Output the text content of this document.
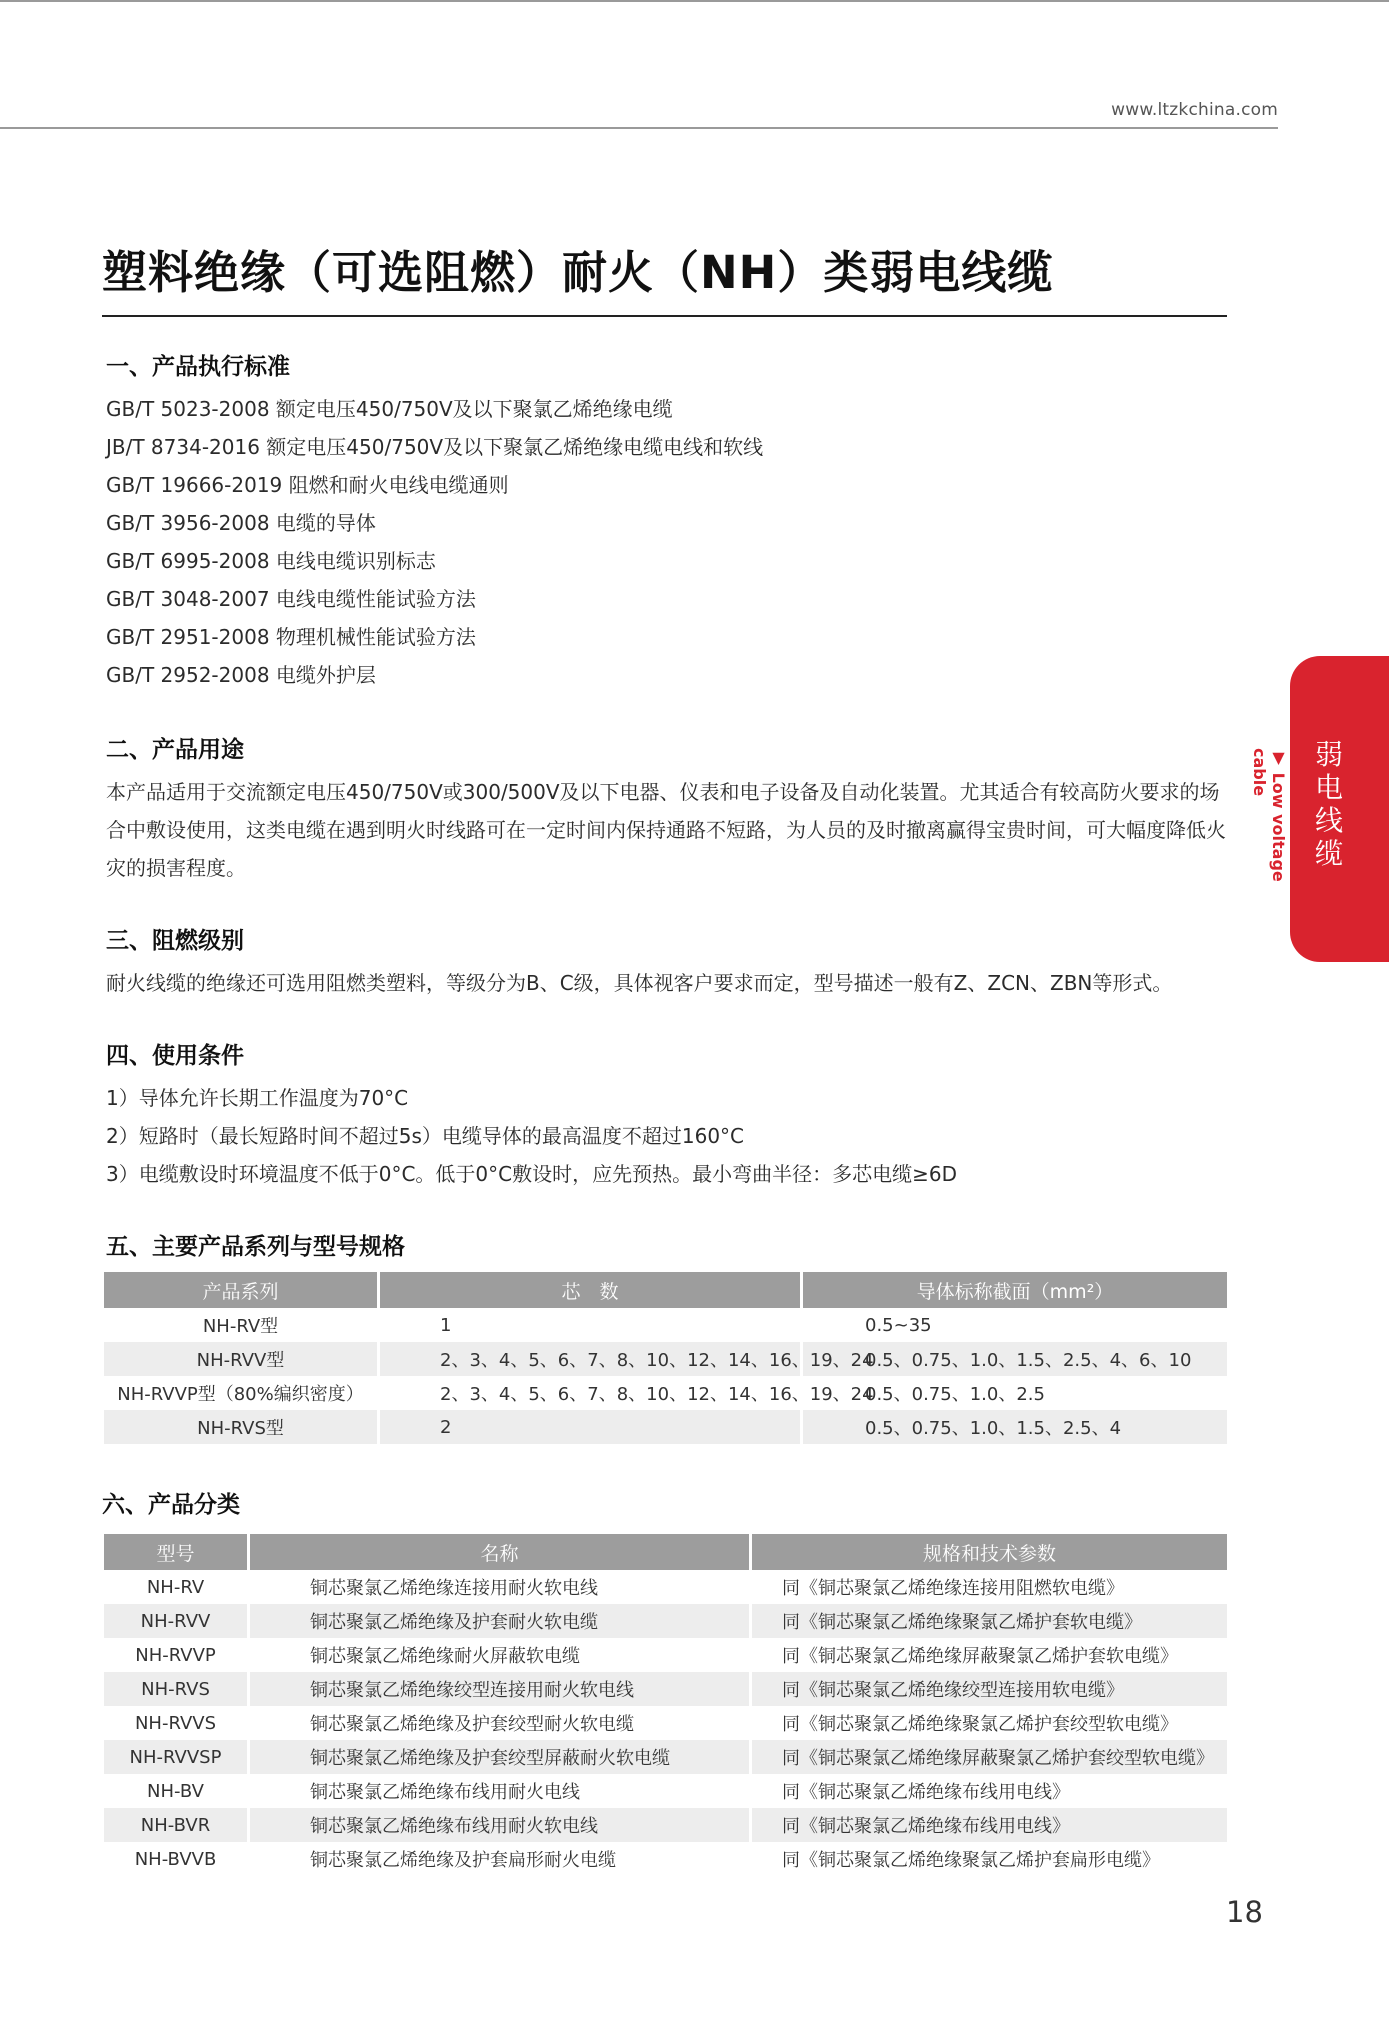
www.ltzkchina.com
塑料绝缘（可选阻燃）耐火（NH）类弱电线缆
一、产品执行标准
GB/T 5023-2008 额定电压450/750V及以下聚氯乙烯绝缘电缆
JB/T 8734-2016 额定电压450/750V及以下聚氯乙烯绝缘电缆电线和软线
GB/T 19666-2019 阻燃和耐火电线电缆通则
GB/T 3956-2008 电缆的导体
GB/T 6995-2008 电线电缆识别标志
GB/T 3048-2007 电线电缆性能试验方法
GB/T 2951-2008 物理机械性能试验方法
GB/T 2952-2008 电缆外护层
二、产品用途
本产品适用于交流额定电压450/750V或300/500V及以下电器、仪表和电子设备及自动化装置。尤其适合有较高防火要求的场合中敷设使用，这类电缆在遇到明火时线路可在一定时间内保持通路不短路，为人员的及时撤离赢得宝贵时间，可大幅度降低火灾的损害程度。
三、阻燃级别
耐火线缆的绝缘还可选用阻燃类塑料，等级分为B、C级，具体视客户要求而定，型号描述一般有Z、ZCN、ZBN等形式。
四、使用条件
1）导体允许长期工作温度为70°C
2）短路时（最长短路时间不超过5s）电缆导体的最高温度不超过160°C
3）电缆敷设时环境温度不低于0°C。低于0°C敷设时，应先预热。最小弯曲半径：多芯电缆≥6D
五、主要产品系列与型号规格
产品系列	芯　数	导体标称截面（mm²）
NH-RV型	1	0.5~35
NH-RVV型	2、3、4、5、6、7、8、10、12、14、16、19、24	0.5、0.75、1.0、1.5、2.5、4、6、10
NH-RVVP型（80%编织密度）	2、3、4、5、6、7、8、10、12、14、16、19、24	0.5、0.75、1.0、2.5
NH-RVS型	2	0.5、0.75、1.0、1.5、2.5、4
六、产品分类
型号	名称	规格和技术参数
NH-RV	铜芯聚氯乙烯绝缘连接用耐火软电线	同《铜芯聚氯乙烯绝缘连接用阻燃软电缆》
NH-RVV	铜芯聚氯乙烯绝缘及护套耐火软电缆	同《铜芯聚氯乙烯绝缘聚氯乙烯护套软电缆》
NH-RVVP	铜芯聚氯乙烯绝缘耐火屏蔽软电缆	同《铜芯聚氯乙烯绝缘屏蔽聚氯乙烯护套软电缆》
NH-RVS	铜芯聚氯乙烯绝缘绞型连接用耐火软电线	同《铜芯聚氯乙烯绝缘绞型连接用软电缆》
NH-RVVS	铜芯聚氯乙烯绝缘及护套绞型耐火软电缆	同《铜芯聚氯乙烯绝缘聚氯乙烯护套绞型软电缆》
NH-RVVSP	铜芯聚氯乙烯绝缘及护套绞型屏蔽耐火软电缆	同《铜芯聚氯乙烯绝缘屏蔽聚氯乙烯护套绞型软电缆》
NH-BV	铜芯聚氯乙烯绝缘布线用耐火电线	同《铜芯聚氯乙烯绝缘布线用电线》
NH-BVR	铜芯聚氯乙烯绝缘布线用耐火软电线	同《铜芯聚氯乙烯绝缘布线用电线》
NH-BVVB	铜芯聚氯乙烯绝缘及护套扁形耐火电缆	同《铜芯聚氯乙烯绝缘聚氯乙烯护套扁形电缆》
弱电线缆
▼ Low voltage cable
18
